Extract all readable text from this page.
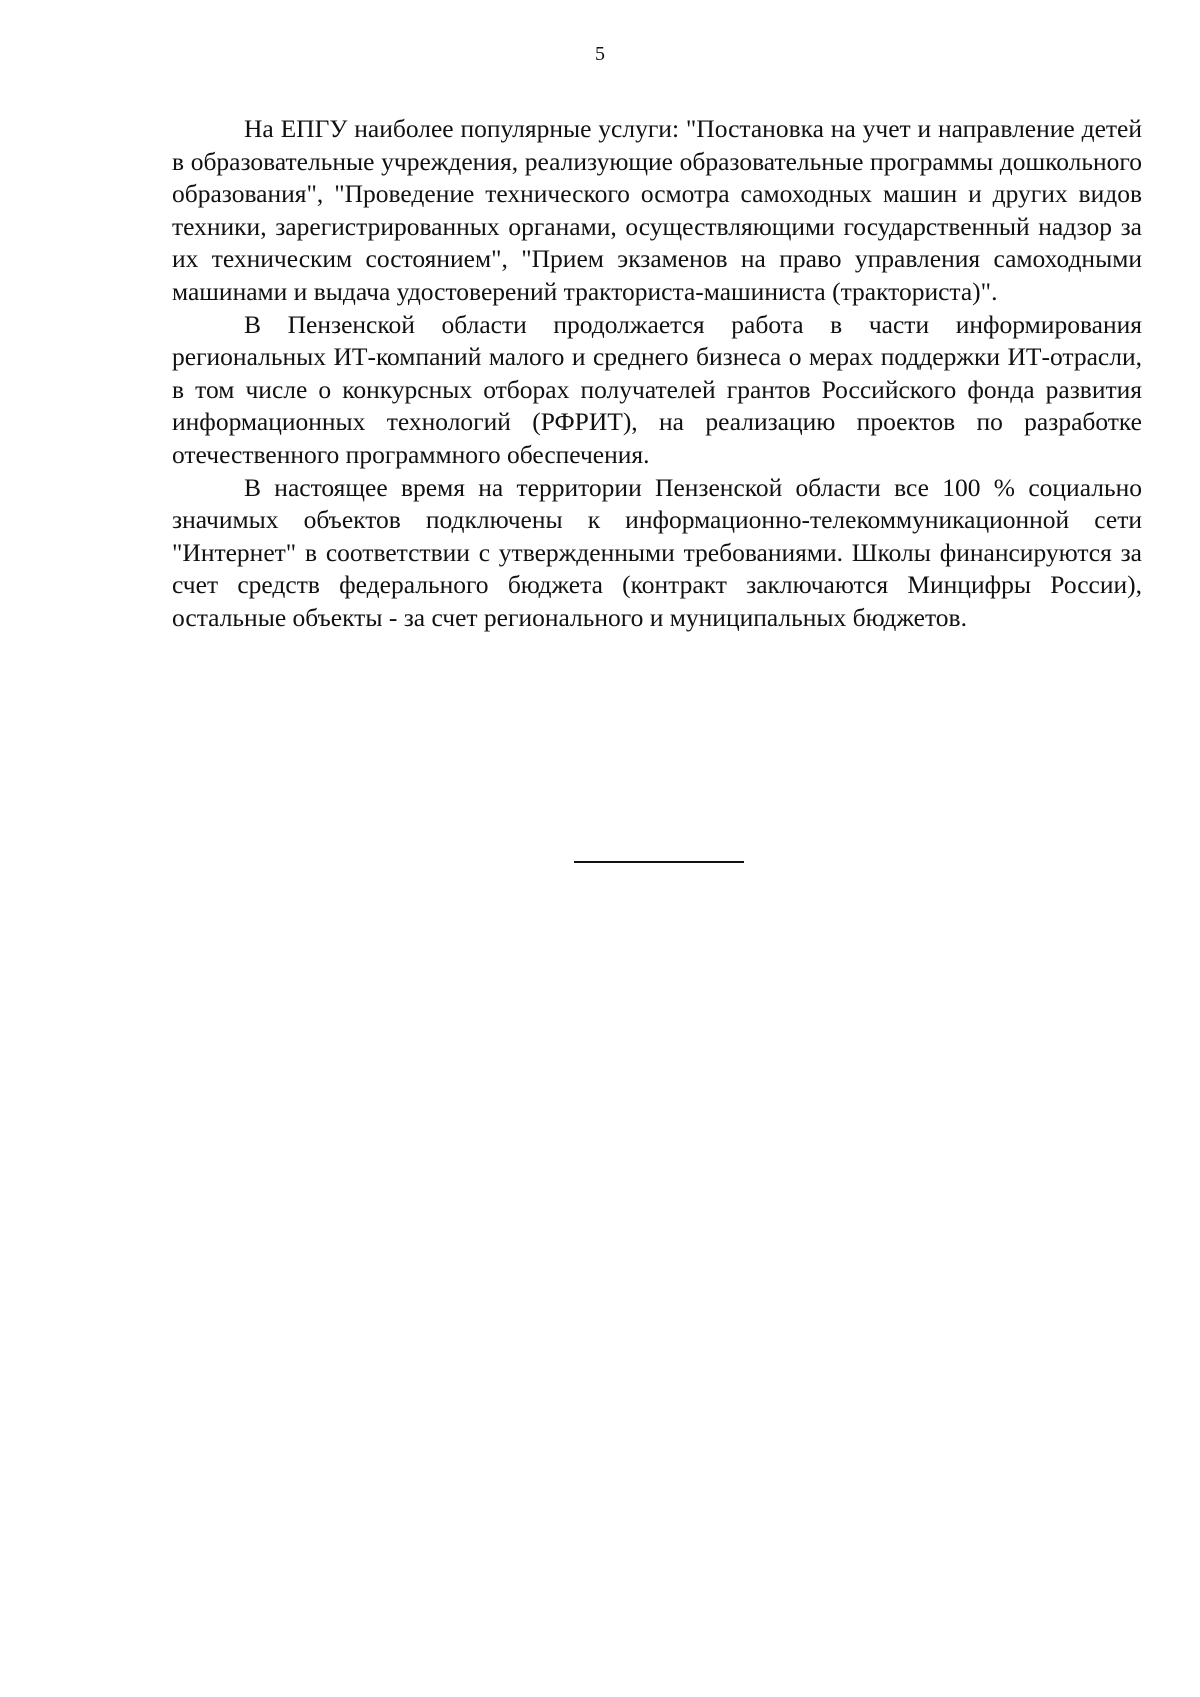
5

На ЕПГУ наиболее популярные услуги: "Постановка на учет и направление детей в образовательные учреждения, реализующие образовательные программы дошкольного образования", "Проведение технического осмотра самоходных машин и других видов техники, зарегистрированных органами, осуществляющими государственный надзор за их техническим состоянием", "Прием экзаменов на право управления самоходными машинами и выдача удостоверений тракториста-машиниста (тракториста)".

В Пензенской области продолжается работа в части информирования региональных ИТ-компаний малого и среднего бизнеса о мерах поддержки ИТ-отрасли, в том числе о конкурсных отборах получателей грантов Российского фонда развития информационных технологий (РФРИТ), на реализацию проектов по разработке отечественного программного обеспечения.

В настоящее время на территории Пензенской области все 100 % социально значимых объектов подключены к информационно-телекоммуникационной сети "Интернет" в соответствии с утвержденными требованиями. Школы финансируются за счет средств федерального бюджета (контракт заключаются Минцифры России), остальные объекты - за счет регионального и муниципальных бюджетов.
